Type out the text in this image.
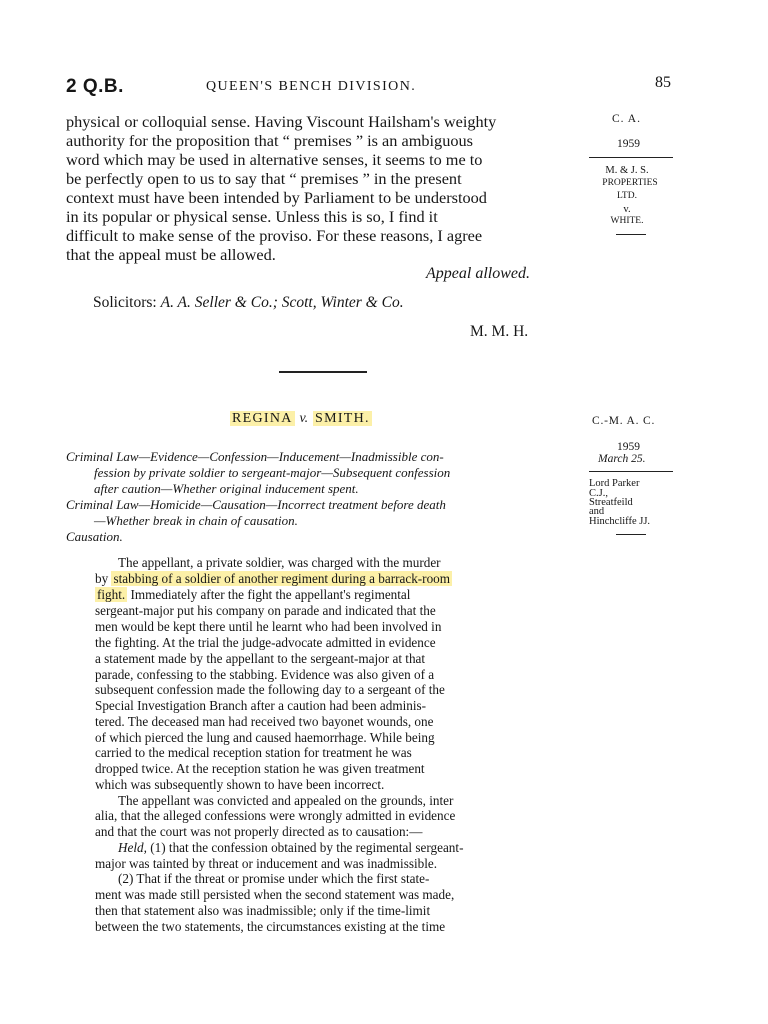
2 Q.B.	QUEEN'S BENCH DIVISION.	85
physical or colloquial sense. Having Viscount Hailsham's weighty
authority for the proposition that “ premises ” is an ambiguous
word which may be used in alternative senses, it seems to me to
be perfectly open to us to say that “ premises ” in the present
context must have been intended by Parliament to be understood
in its popular or physical sense. Unless this is so, I find it
difficult to make sense of the proviso. For these reasons, I agree
that the appeal must be allowed.
Appeal allowed.
Solicitors: A. A. Seller & Co.; Scott, Winter & Co.
M. M. H.
C. A.
1959
M. & J. S.
PROPERTIES
LTD.
v.
WHITE.
REGINA v. SMITH.	C.-M. A. C.
1959
March 25.
Lord Parker
C.J.,
Streatfeild
and
Hinchcliffe JJ.
Criminal Law—Evidence—Confession—Inducement—Inadmissible con-
fession by private soldier to sergeant-major—Subsequent confession
after caution—Whether original inducement spent.
Criminal Law—Homicide—Causation—Incorrect treatment before death
—Whether break in chain of causation.
Causation.
The appellant, a private soldier, was charged with the murder
by stabbing of a soldier of another regiment during a barrack-room
fight. Immediately after the fight the appellant's regimental
sergeant-major put his company on parade and indicated that the
men would be kept there until he learnt who had been involved in
the fighting. At the trial the judge-advocate admitted in evidence
a statement made by the appellant to the sergeant-major at that
parade, confessing to the stabbing. Evidence was also given of a
subsequent confession made the following day to a sergeant of the
Special Investigation Branch after a caution had been adminis-
tered. The deceased man had received two bayonet wounds, one
of which pierced the lung and caused haemorrhage. While being
carried to the medical reception station for treatment he was
dropped twice. At the reception station he was given treatment
which was subsequently shown to have been incorrect.
The appellant was convicted and appealed on the grounds, inter
alia, that the alleged confessions were wrongly admitted in evidence
and that the court was not properly directed as to causation:—
Held, (1) that the confession obtained by the regimental sergeant-
major was tainted by threat or inducement and was inadmissible.
(2) That if the threat or promise under which the first state-
ment was made still persisted when the second statement was made,
then that statement also was inadmissible; only if the time-limit
between the two statements, the circumstances existing at the time
